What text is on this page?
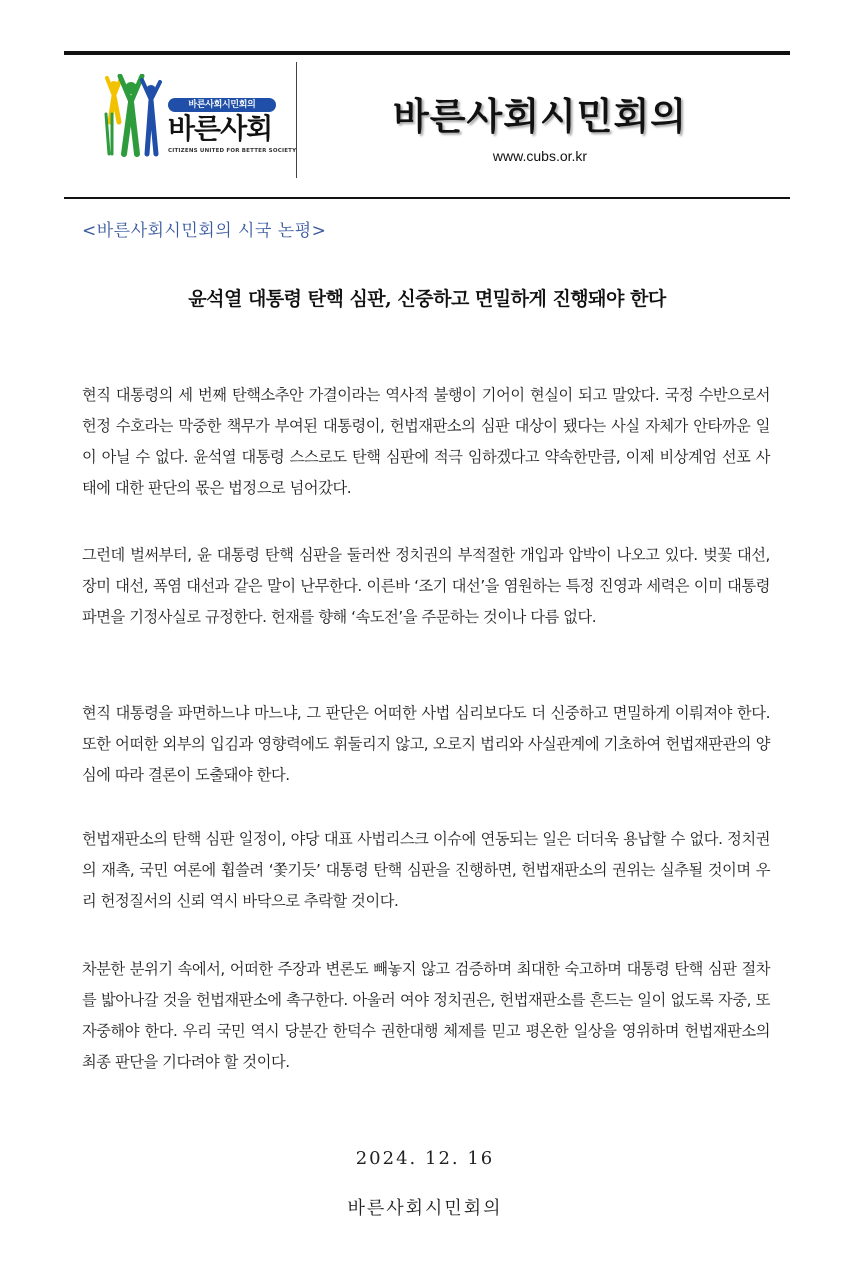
바른사회시민회의
바른사회
CITIZENS UNITED FOR BETTER SOCIETY
바른사회시민회의
www.cubs.or.kr
<바른사회시민회의 시국 논평>
윤석열 대통령 탄핵 심판, 신중하고 면밀하게 진행돼야 한다

현직 대통령의 세 번째 탄핵소추안 가결이라는 역사적 불행이 기어이 현실이 되고 말았다. 국정 수반으로서 헌정 수호라는 막중한 책무가 부여된 대통령이, 헌법재판소의 심판 대상이 됐다는 사실 자체가 안타까운 일이 아닐 수 없다. 윤석열 대통령 스스로도 탄핵 심판에 적극 임하겠다고 약속한만큼, 이제 비상계엄 선포 사태에 대한 판단의 몫은 법정으로 넘어갔다.

그런데 벌써부터, 윤 대통령 탄핵 심판을 둘러싼 정치권의 부적절한 개입과 압박이 나오고 있다. 벚꽃 대선, 장미 대선, 폭염 대선과 같은 말이 난무한다. 이른바 ‘조기 대선’을 염원하는 특정 진영과 세력은 이미 대통령 파면을 기정사실로 규정한다. 헌재를 향해 ‘속도전’을 주문하는 것이나 다름 없다.

현직 대통령을 파면하느냐 마느냐, 그 판단은 어떠한 사법 심리보다도 더 신중하고 면밀하게 이뤄져야 한다. 또한 어떠한 외부의 입김과 영향력에도 휘둘리지 않고, 오로지 법리와 사실관계에 기초하여 헌법재판관의 양심에 따라 결론이 도출돼야 한다.

헌법재판소의 탄핵 심판 일정이, 야당 대표 사법리스크 이슈에 연동되는 일은 더더욱 용납할 수 없다. 정치권의 재촉, 국민 여론에 휩쓸려 ‘쫓기듯’ 대통령 탄핵 심판을 진행하면, 헌법재판소의 권위는 실추될 것이며 우리 헌정질서의 신뢰 역시 바닥으로 추락할 것이다.

차분한 분위기 속에서, 어떠한 주장과 변론도 빼놓지 않고 검증하며 최대한 숙고하며 대통령 탄핵 심판 절차를 밟아나갈 것을 헌법재판소에 촉구한다. 아울러 여야 정치권은, 헌법재판소를 흔드는 일이 없도록 자중, 또 자중해야 한다. 우리 국민 역시 당분간 한덕수 권한대행 체제를 믿고 평온한 일상을 영위하며 헌법재판소의 최종 판단을 기다려야 할 것이다.

2024. 12. 16
바른사회시민회의
